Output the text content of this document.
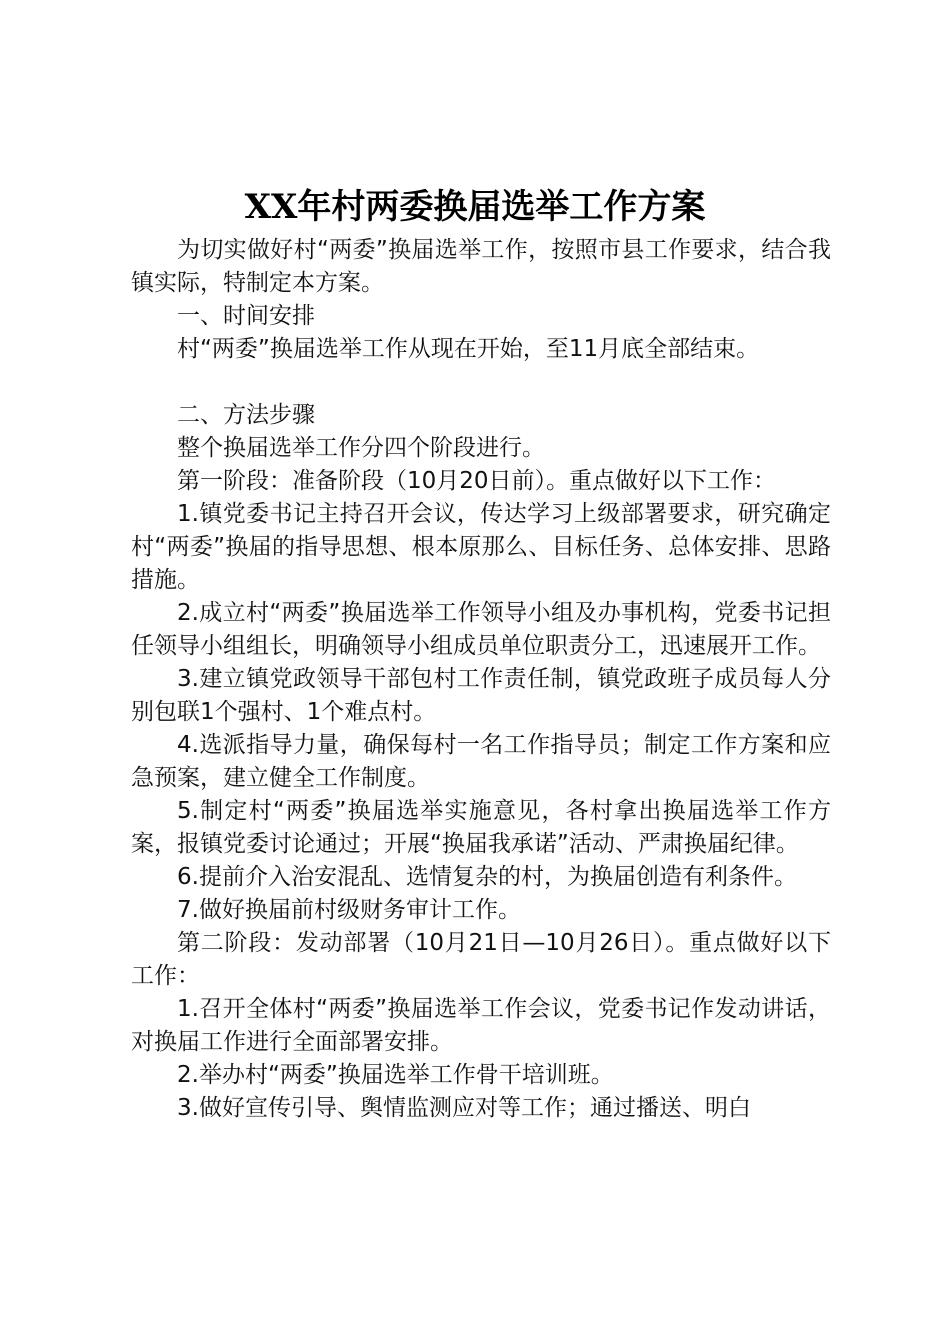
XX年村两委换届选举工作方案

为切实做好村“两委”换届选举工作，按照市县工作要求，结合我镇实际，特制定本方案。

一、时间安排

村“两委”换届选举工作从现在开始，至11月底全部结束。

二、方法步骤

整个换届选举工作分四个阶段进行。

第一阶段：准备阶段（10月20日前）。重点做好以下工作：

1.镇党委书记主持召开会议，传达学习上级部署要求，研究确定村“两委”换届的指导思想、根本原那么、目标任务、总体安排、思路措施。

2.成立村“两委”换届选举工作领导小组及办事机构，党委书记担任领导小组组长，明确领导小组成员单位职责分工，迅速展开工作。

3.建立镇党政领导干部包村工作责任制，镇党政班子成员每人分别包联1个强村、1个难点村。

4.选派指导力量，确保每村一名工作指导员；制定工作方案和应急预案，建立健全工作制度。

5.制定村“两委”换届选举实施意见，各村拿出换届选举工作方案，报镇党委讨论通过；开展“换届我承诺”活动、严肃换届纪律。

6.提前介入治安混乱、选情复杂的村，为换届创造有利条件。

7.做好换届前村级财务审计工作。

第二阶段：发动部署（10月21日—10月26日）。重点做好以下工作：

1.召开全体村“两委”换届选举工作会议，党委书记作发动讲话，对换届工作进行全面部署安排。

2.举办村“两委”换届选举工作骨干培训班。

3.做好宣传引导、舆情监测应对等工作；通过播送、明白
